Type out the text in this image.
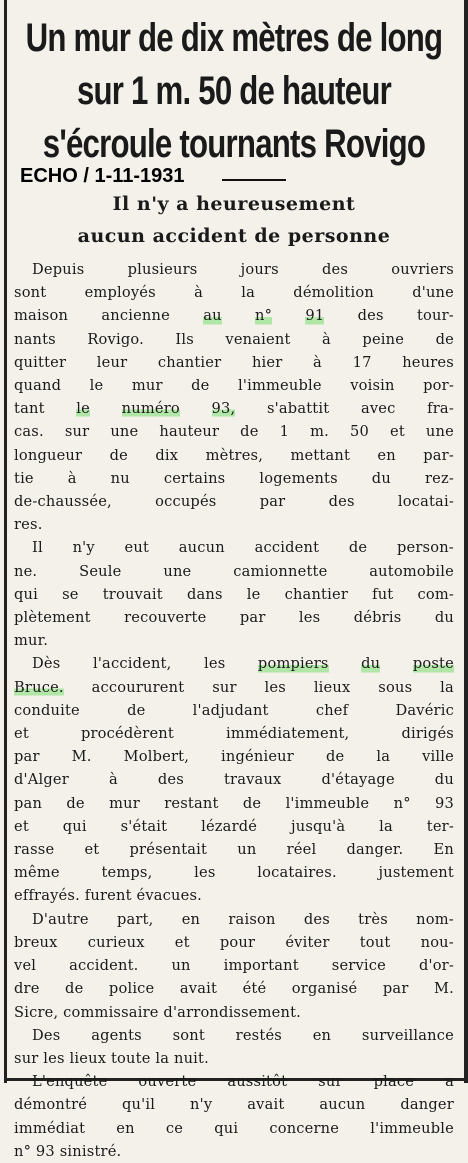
Un mur de dix mètres de long
sur 1 m. 50 de hauteur
s'écroule tournants Rovigo
ECHO / 1-11-1931
Il n'y a heureusement
aucun accident de personne
Depuis	plusieurs	jours	des	ouvriers
sont	employés	à	la	démolition	d'une
maison ancienne au n° 91 des tour-
nants Rovigo. Ils venaient à peine de
quitter leur chantier hier à 17 heures
quand le mur de l'immeuble voisin por-
tant le numéro 93, s'abattit avec fra-
cas. sur une hauteur de 1 m. 50 et une
longueur de dix mètres, mettant en par-
tie à nu certains logements du rez-
de-chaussée,	occupés	par	des	locatai-
res.
Il n'y eut aucun accident de person-
ne.	Seule	une	camionnette	automobile
qui se trouvait dans le chantier fut com-
plètement recouverte par les débris du
mur.
Dès l'accident, les pompiers du poste
Bruce. accoururent sur les lieux sous la
conduite	de	l'adjudant	chef	Davéric
et	procédèrent	immédiatement,	dirigés
par M. Molbert, ingénieur de la ville
d'Alger	à	des	travaux	d'étayage	du
pan de mur restant de l'immeuble n° 93
et qui s'était lézardé jusqu'à la ter-
rasse et présentait un réel danger. En
même	temps,	les	locataires.	justement
effrayés. furent évacues.
D'autre part, en raison des très nom-
breux curieux et pour éviter tout nou-
vel accident. un important service d'or-
dre de police avait été organisé par M.
Sicre, commissaire d'arrondissement.
Des agents sont restés en surveillance
sur les lieux toute la nuit.
L'enquête ouverte aussitôt sur place a
démontré qu'il n'y avait aucun danger
immédiat en ce qui concerne l'immeuble
n° 93 sinistré.
